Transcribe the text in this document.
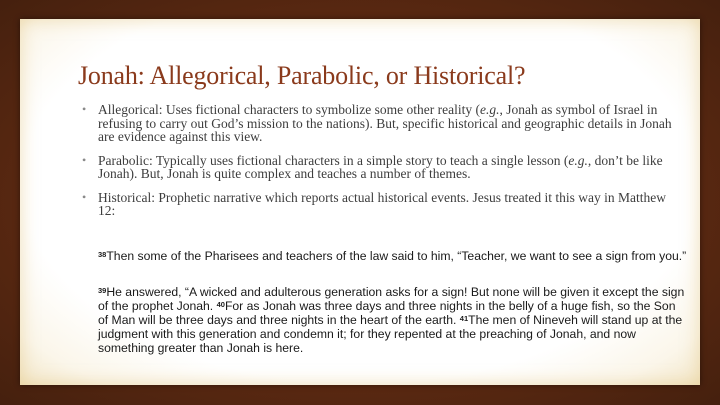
Jonah: Allegorical, Parabolic, or Historical?
• Allegorical: Uses fictional characters to symbolize some other reality (e.g., Jonah as symbol of Israel in refusing to carry out God’s mission to the nations). But, specific historical and geographic details in Jonah are evidence against this view.
• Parabolic: Typically uses fictional characters in a simple story to teach a single lesson (e.g., don’t be like Jonah). But, Jonah is quite complex and teaches a number of themes.
• Historical: Prophetic narrative which reports actual historical events. Jesus treated it this way in Matthew 12:

$^{38}$Then some of the Pharisees and teachers of the law said to him, “Teacher, we want to see a sign from you.”

$^{39}$He answered, “A wicked and adulterous generation asks for a sign! But none will be given it except the sign of the prophet Jonah. $^{40}$For as Jonah was three days and three nights in the belly of a huge fish, so the Son of Man will be three days and three nights in the heart of the earth. $^{41}$The men of Nineveh will stand up at the judgment with this generation and condemn it; for they repented at the preaching of Jonah, and now something greater than Jonah is here.
